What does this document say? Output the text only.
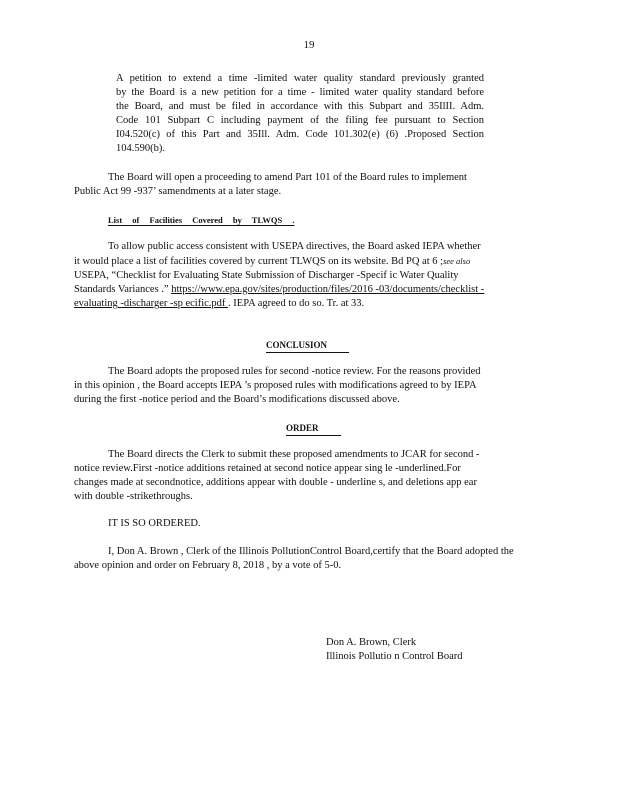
19
A petition to extend a time -limited water quality standard previously granted
by the Board is a new petition for a time - limited water quality standard before
the Board, and must be filed in accordance with this Subpart and 35IlII. Adm.
Code 101 Subpart C including payment of the filing fee pursuant to Section
I04.520(c) of this Part and 35Ill. Adm. Code 101.302(e) (6) .Proposed Section
104.590(b).
The Board will open a proceeding to amend Part 101 of the Board rules to implement
Public Act 99 -937’ samendments at a later stage.
List of Facilities Covered by TLWQS .
To allow public access consistent with USEPA directives, the Board asked IEPA whether
it would place a list of facilities covered by current TLWQS on its website. Bd PQ at 6 ;see also
USEPA, “Checklist for Evaluating State Submission of Discharger -Specif ic Water Quality
Standards Variances .” https://www.epa.gov/sites/production/files/2016 -03/documents/checklist -
evaluating -discharger -sp ecific.pdf . IEPA agreed to do so. Tr. at 33.
CONCLUSION
The Board adopts the proposed rules for second -notice review. For the reasons provided
in this opinion , the Board accepts IEPA ’s proposed rules with modifications agreed to by IEPA
during the first -notice period and the Board’s modifications discussed above.
ORDER
The Board directs the Clerk to submit these proposed amendments to JCAR for second -
notice review.First -notice additions retained at second notice appear sing le -underlined.For
changes made at secondnotice, additions appear with double - underline s, and deletions app ear
with double -strikethroughs.
IT IS SO ORDERED.
I, Don A. Brown , Clerk of the Illinois PollutionControl Board,certify that the Board adopted the above opinion and order on February 8, 2018 , by a vote of 5-0.
Don A. Brown, Clerk
Illinois Pollutio n Control Board
